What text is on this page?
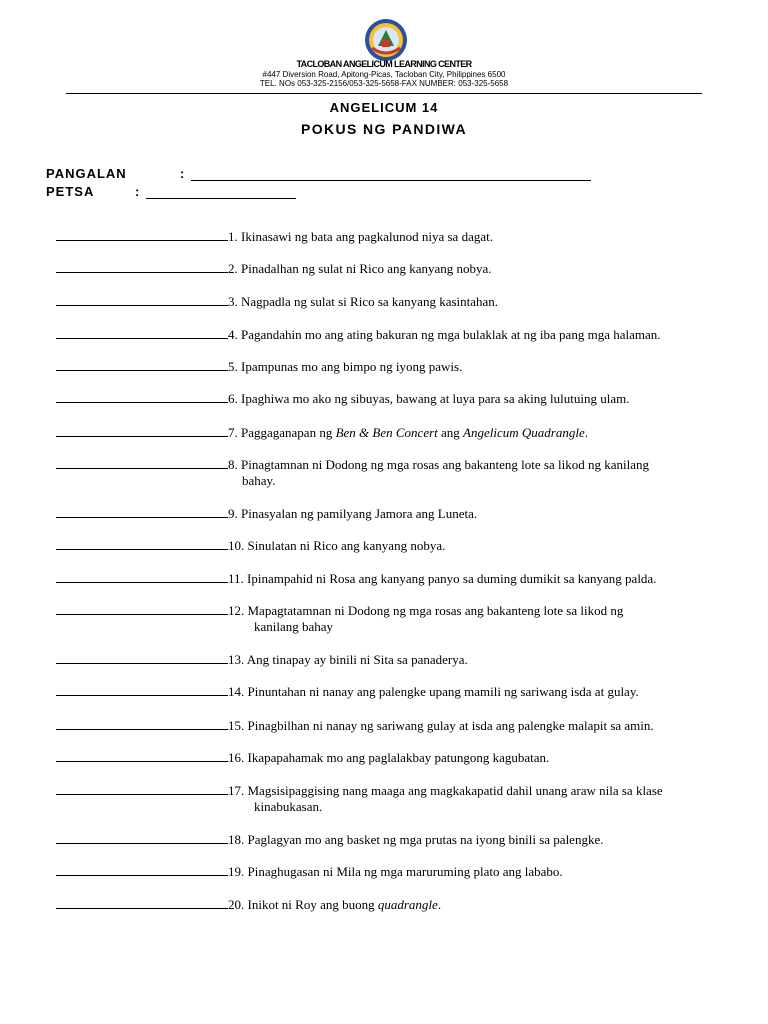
TACLOBAN ANGELICUM LEARNING CENTER
#447 Diversion Road, Apitong-Picas, Tacloban City, Philippines 6500
TEL. NOs 053-325-2156/053-325-5658-FAX NUMBER: 053-325-5658
ANGELICUM 14
POKUS NG PANDIWA
PANGALAN	:
PETSA	:
1. Ikinasawi ng bata ang pagkalunod niya sa dagat.
2. Pinadalhan ng sulat ni Rico ang kanyang nobya.
3. Nagpadla ng sulat si Rico sa kanyang kasintahan.
4. Pagandahin mo ang ating bakuran ng mga bulaklak at ng iba pang mga halaman.
5. Ipampunas mo ang bimpo ng iyong pawis.
6. Ipaghiwa mo ako ng sibuyas, bawang at luya para sa aking lulutuing ulam.
7. Paggaganapan ng Ben & Ben Concert ang Angelicum Quadrangle.
8. Pinagtamnan ni Dodong ng mga rosas ang bakanteng lote sa likod ng kanilang
bahay.
9. Pinasyalan ng pamilyang Jamora ang Luneta.
10. Sinulatan ni Rico ang kanyang nobya.
11. Ipinampahid ni Rosa ang kanyang panyo sa duming dumikit sa kanyang palda.
12. Mapagtatamnan ni Dodong ng mga rosas ang bakanteng lote sa likod ng
kanilang bahay
13. Ang tinapay ay binili ni Sita sa panaderya.
14. Pinuntahan ni nanay ang palengke upang mamili ng sariwang isda at gulay.
15. Pinagbilhan ni nanay ng sariwang gulay at isda ang palengke malapit sa amin.
16. Ikapapahamak mo ang paglalakbay patungong kagubatan.
17. Magsisipaggising nang maaga ang magkakapatid dahil unang araw nila sa klase
kinabukasan.
18. Paglagyan mo ang basket ng mga prutas na iyong binili sa palengke.
19. Pinaghugasan ni Mila ng mga maruruming plato ang lababo.
20. Inikot ni Roy ang buong quadrangle.
